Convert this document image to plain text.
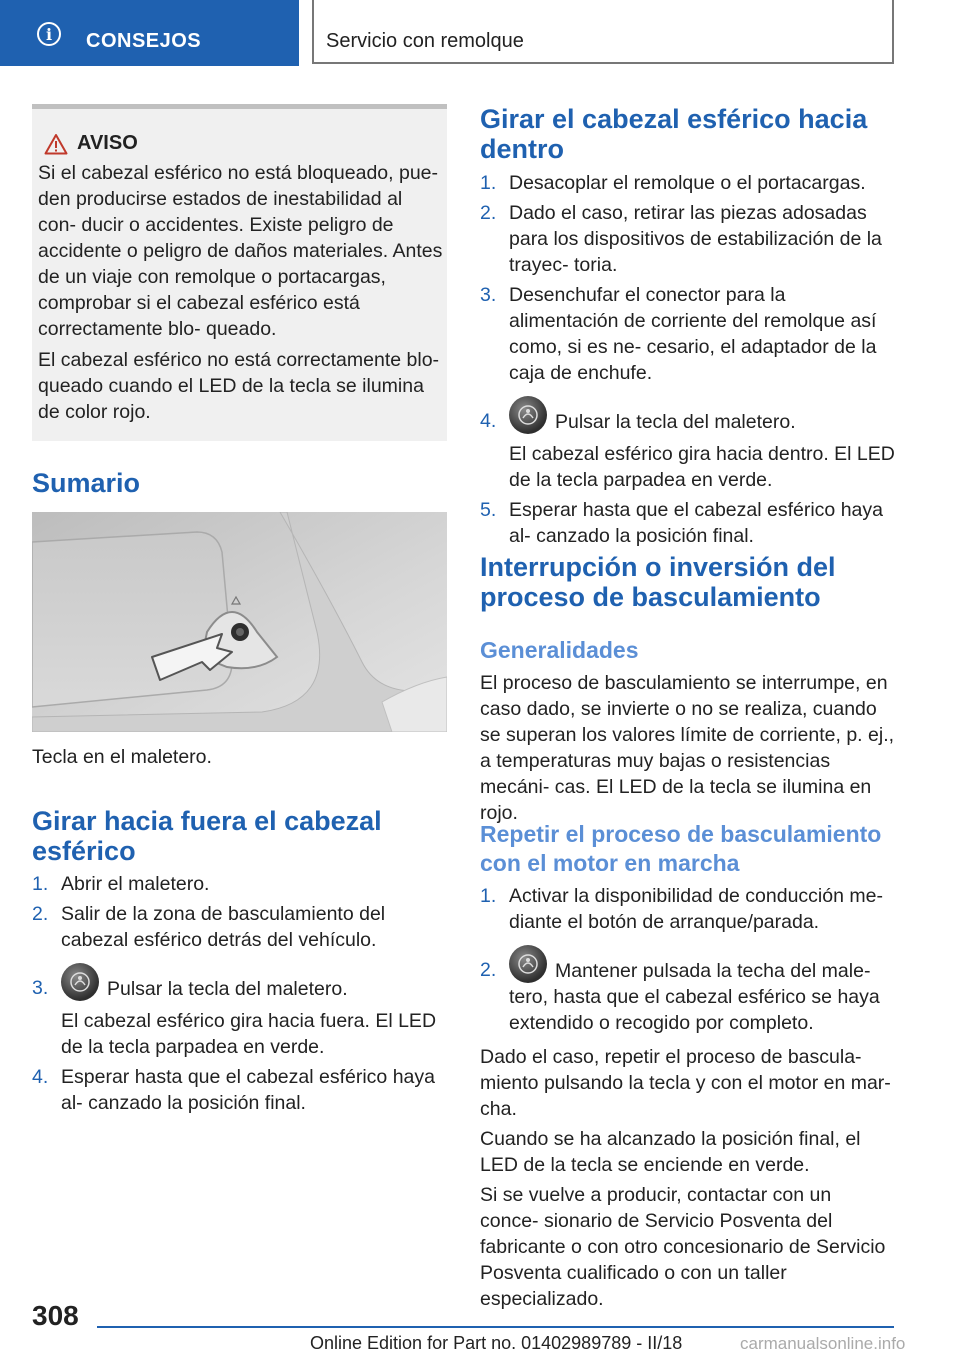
i	CONSEJOS	Servicio con remolque
AVISO

Si el cabezal esférico no está bloqueado, pue- den producirse estados de inestabilidad al con- ducir o accidentes. Existe peligro de accidente o peligro de daños materiales. Antes de un viaje con remolque o portacargas, comprobar si el cabezal esférico está correctamente blo- queado.

El cabezal esférico no está correctamente blo- queado cuando el LED de la tecla se ilumina de color rojo.

Sumario

Tecla en el maletero.

Girar hacia fuera el cabezal esférico
1. Abrir el maletero.
2. Salir de la zona de basculamiento del cabezal esférico detrás del vehículo.
3.	Pulsar la tecla del maletero.
El cabezal esférico gira hacia fuera. El LED de la tecla parpadea en verde.
4. Esperar hasta que el cabezal esférico haya al- canzado la posición final.
Girar el cabezal esférico hacia dentro
1. Desacoplar el remolque o el portacargas.
2. Dado el caso, retirar las piezas adosadas para los dispositivos de estabilización de la trayec- toria.
3. Desenchufar el conector para la alimentación de corriente del remolque así como, si es ne- cesario, el adaptador de la caja de enchufe.
4.	Pulsar la tecla del maletero.
El cabezal esférico gira hacia dentro. El LED de la tecla parpadea en verde.
5. Esperar hasta que el cabezal esférico haya al- canzado la posición final.
Interrupción o inversión del proceso de basculamiento
Generalidades

El proceso de basculamiento se interrumpe, en caso dado, se invierte o no se realiza, cuando se superan los valores límite de corriente, p. ej., a temperaturas muy bajas o resistencias mecáni- cas. El LED de la tecla se ilumina en rojo.

Repetir el proceso de basculamiento con el motor en marcha
1. Activar la disponibilidad de conducción me- diante el botón de arranque/parada.
2.	Mantener pulsada la techa del male- tero, hasta que el cabezal esférico se haya extendido o recogido por completo.

Dado el caso, repetir el proceso de bascula- miento pulsando la tecla y con el motor en mar- cha.

Cuando se ha alcanzado la posición final, el LED de la tecla se enciende en verde.

Si se vuelve a producir, contactar con un conce- sionario de Servicio Posventa del fabricante o con otro concesionario de Servicio Posventa cualificado o con un taller especializado.

308
Online Edition for Part no. 01402989789 - II/18	carmanualsonline.info
